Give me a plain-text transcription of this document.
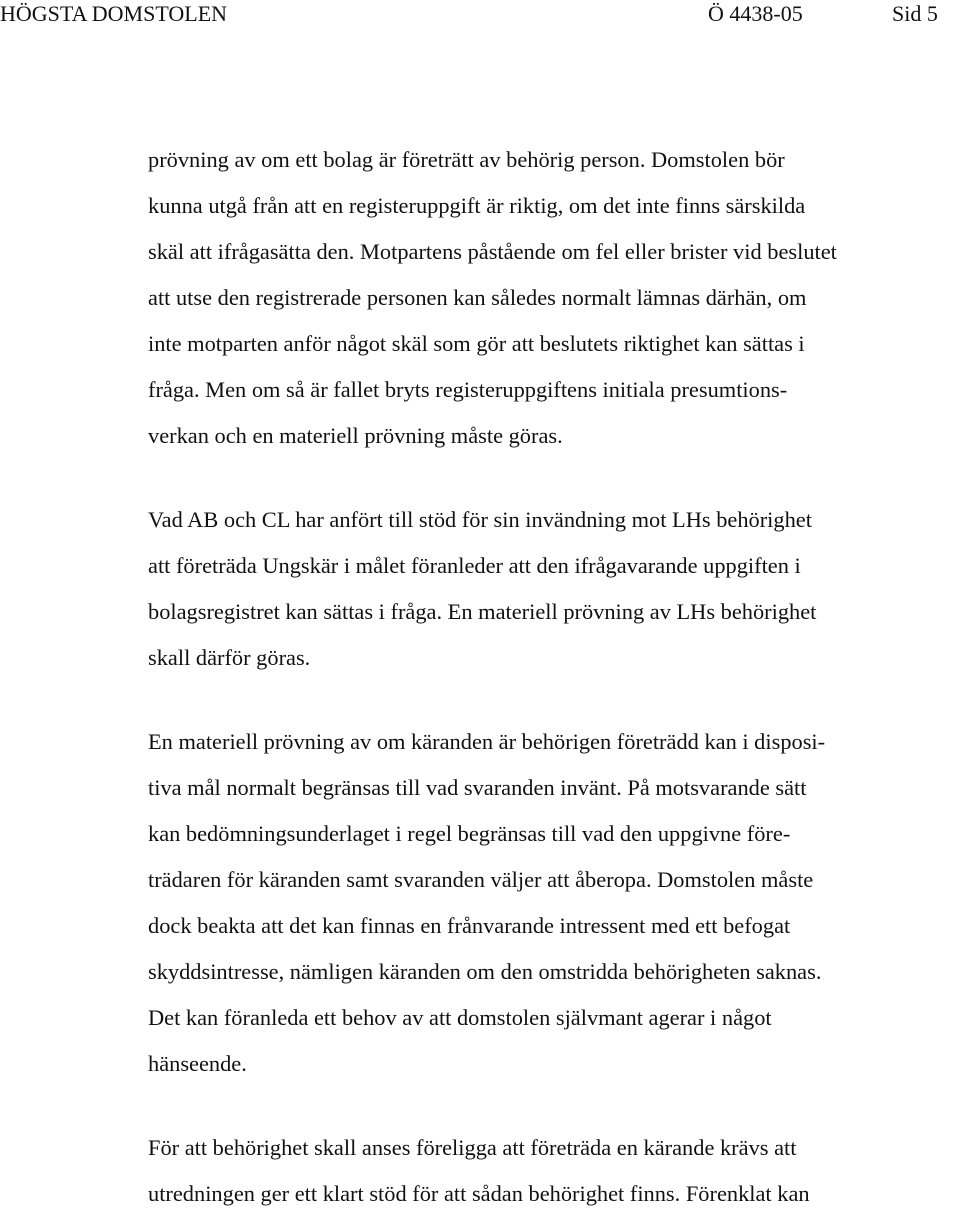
HÖGSTA DOMSTOLEN	Ö 4438-05	Sid 5

prövning av om ett bolag är företrätt av behörig person. Domstolen bör
kunna utgå från att en registeruppgift är riktig, om det inte finns särskilda
skäl att ifrågasätta den. Motpartens påstående om fel eller brister vid beslutet
att utse den registrerade personen kan således normalt lämnas därhän, om
inte motparten anför något skäl som gör att beslutets riktighet kan sättas i
fråga. Men om så är fallet bryts registeruppgiftens initiala presumtions-
verkan och en materiell prövning måste göras.

Vad AB och CL har anfört till stöd för sin invändning mot LHs behörighet
att företräda Ungskär i målet föranleder att den ifrågavarande uppgiften i
bolagsregistret kan sättas i fråga. En materiell prövning av LHs behörighet
skall därför göras.

En materiell prövning av om käranden är behörigen företrädd kan i disposi-
tiva mål normalt begränsas till vad svaranden invänt. På motsvarande sätt
kan bedömningsunderlaget i regel begränsas till vad den uppgivne före-
trädaren för käranden samt svaranden väljer att åberopa. Domstolen måste
dock beakta att det kan finnas en frånvarande intressent med ett befogat
skyddsintresse, nämligen käranden om den omstridda behörigheten saknas.
Det kan föranleda ett behov av att domstolen självmant agerar i något
hänseende.

För att behörighet skall anses föreligga att företräda en kärande krävs att
utredningen ger ett klart stöd för att sådan behörighet finns. Förenklat kan
